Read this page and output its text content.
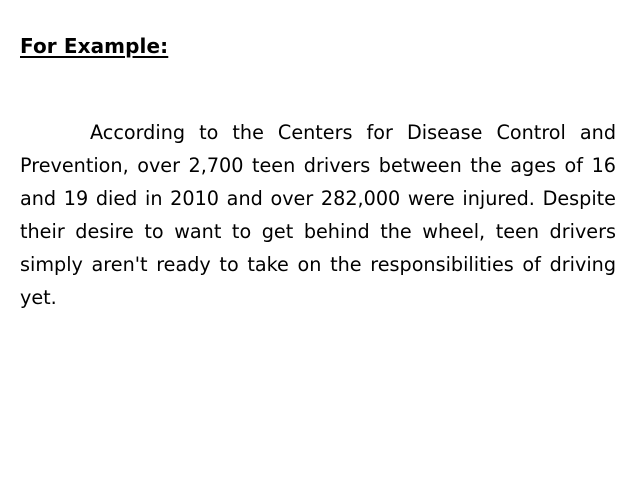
For Example:

According to the Centers for Disease Control and Prevention, over 2,700 teen drivers between the ages of 16 and 19 died in 2010 and over 282,000 were injured. Despite their desire to want to get behind the wheel, teen drivers simply aren't ready to take on the responsibilities of driving yet.
